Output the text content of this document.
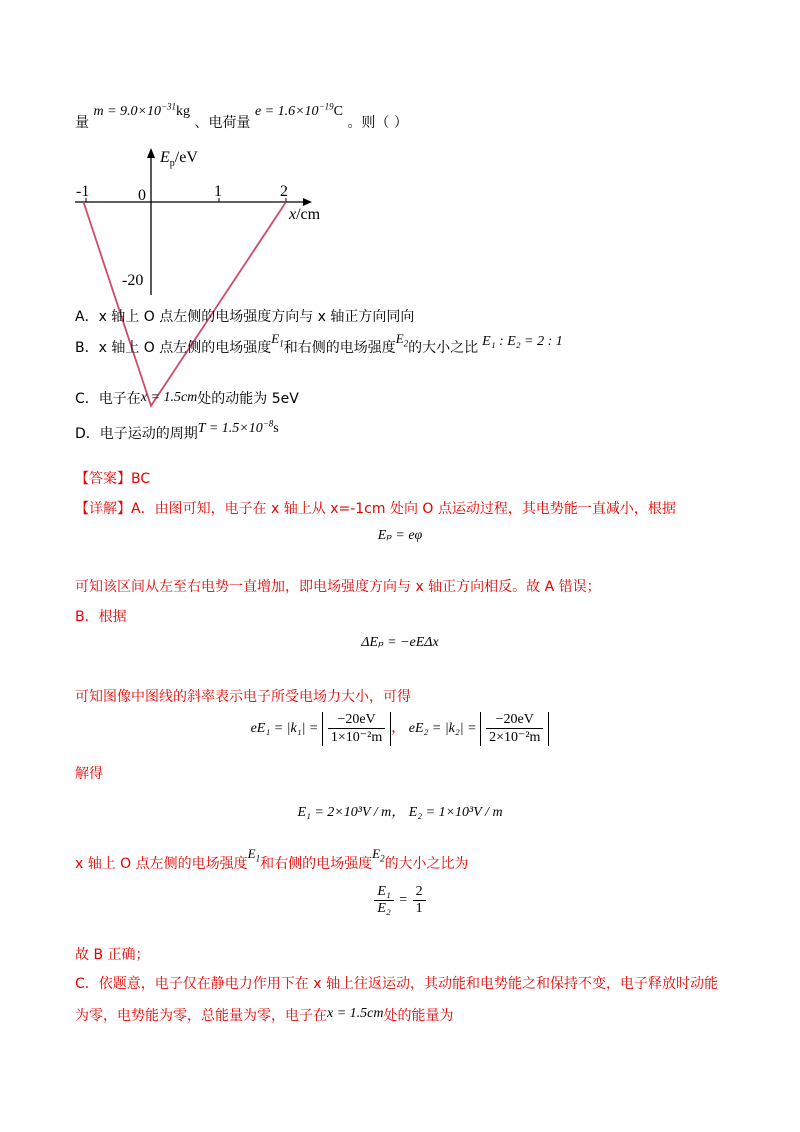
量 $m = 9.0\times 10^{-31}kg$ 、电荷量 $e = 1.6\times 10^{-19}C$ 。则（ ）
$E_p/eV$
x/cm
-1	0	1	2
-20
A．x 轴上 O 点左侧的电场强度方向与 x 轴正方向同向
B．x 轴上 O 点左侧的电场强度$E_1$和右侧的电场强度$E_2$的大小之比 E₁ : E₂ = 2 : 1
C．电子在x = 1.5cm处的动能为 5eV
D．电子运动的周期$T = 1.5\times 10^{-8}s$
【答案】BC
【详解】A．由图可知，电子在 x 轴上从 x=-1cm 处向 O 点运动过程，其电势能一直减小，根据
Eₚ = eφ
可知该区间从左至右电势一直增加，即电场强度方向与 x 轴正方向相反。故 A 错误；
B．根据
ΔEₚ = −eEΔx
可知图像中图线的斜率表示电子所受电场力大小，可得
$eE_1 = |k_1| = \frac{-20eV}{\text{1×10⁻²m}}$ ， $eE_2 = |k_2| = \frac{-20eV}{\text{2×10⁻²m}}$
解得
E₁ = 2×10³V / m， E₂ = 1×10³V / m
x 轴上 O 点左侧的电场强度$E_1$和右侧的电场强度$E_2$的大小之比为
$\frac{\text{E₁}}{\text{E₂}} = \frac{2}{1}$
故 B 正确；
C．依题意，电子仅在静电力作用下在 x 轴上往返运动，其动能和电势能之和保持不变，电子释放时动能
为零，电势能为零，总能量为零，电子在x = 1.5cm处的能量为
